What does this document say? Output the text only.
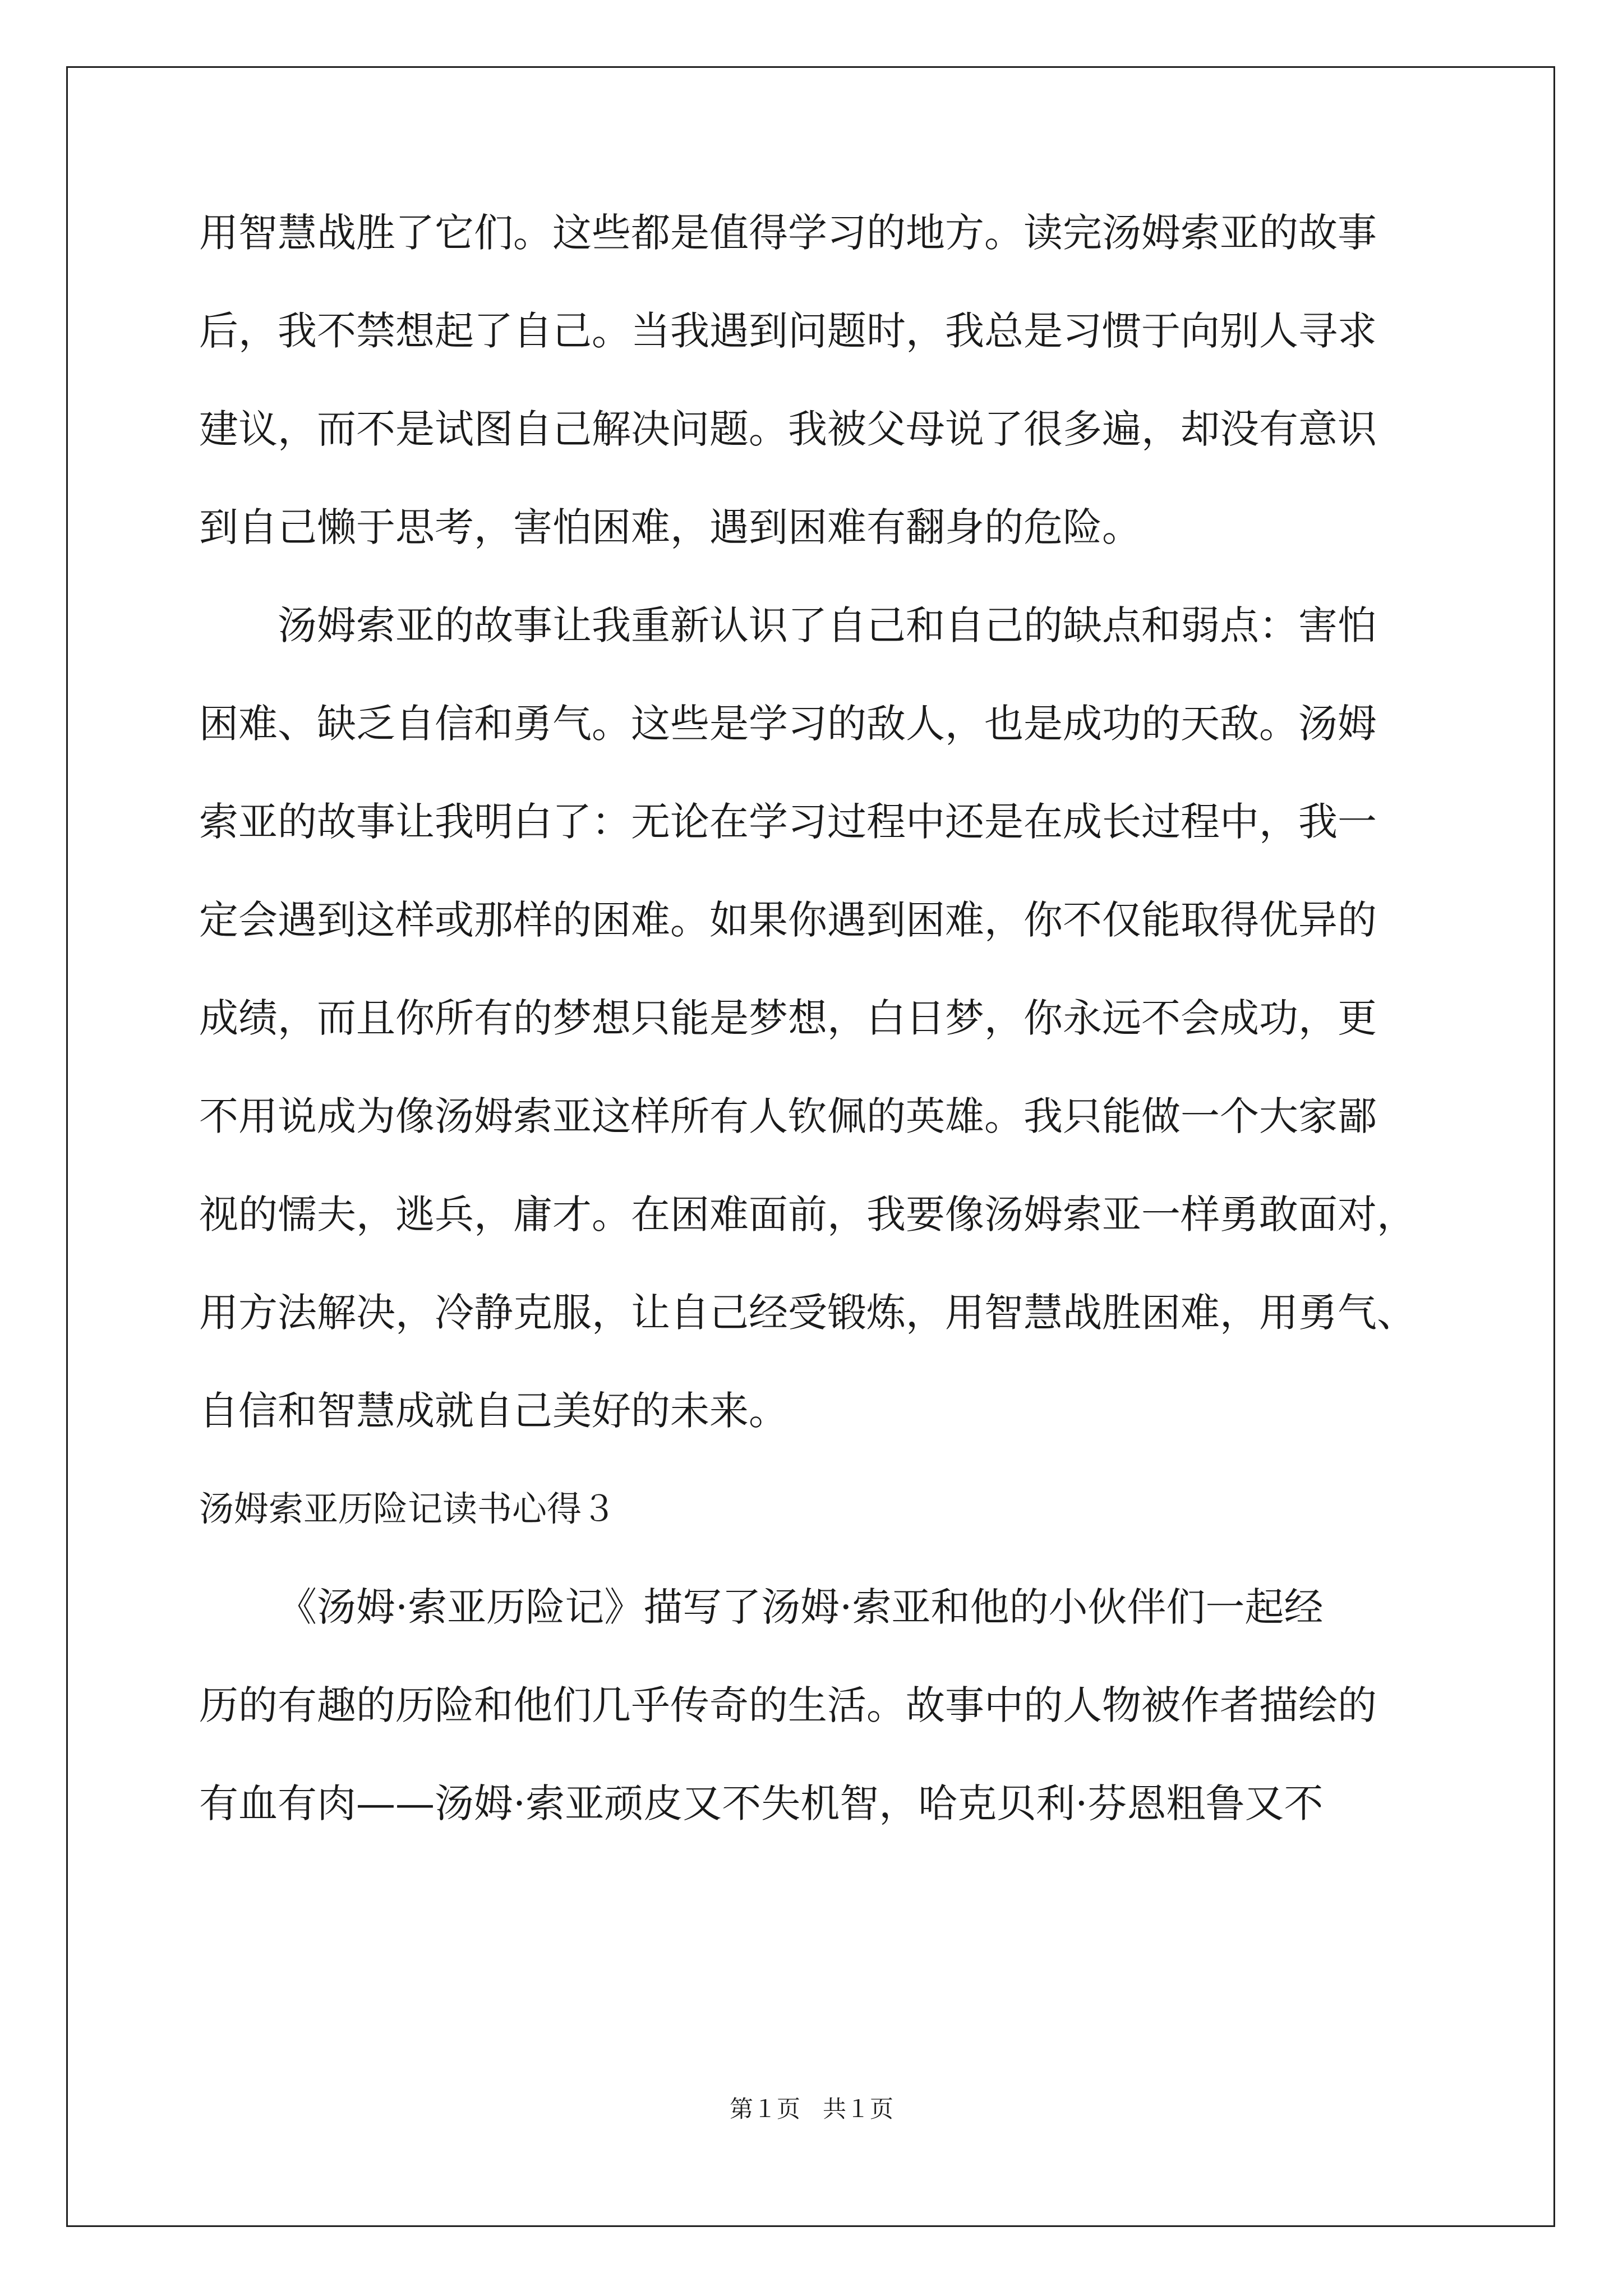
用智慧战胜了它们。这些都是值得学习的地方。读完汤姆索亚的故事
后，我不禁想起了自己。当我遇到问题时，我总是习惯于向别人寻求
建议，而不是试图自己解决问题。我被父母说了很多遍，却没有意识
到自己懒于思考，害怕困难，遇到困难有翻身的危险。
汤姆索亚的故事让我重新认识了自己和自己的缺点和弱点：害怕
困难、缺乏自信和勇气。这些是学习的敌人，也是成功的天敌。汤姆
索亚的故事让我明白了：无论在学习过程中还是在成长过程中，我一
定会遇到这样或那样的困难。如果你遇到困难，你不仅能取得优异的
成绩，而且你所有的梦想只能是梦想，白日梦，你永远不会成功，更
不用说成为像汤姆索亚这样所有人钦佩的英雄。我只能做一个大家鄙
视的懦夫，逃兵，庸才。在困难面前，我要像汤姆索亚一样勇敢面对，
用方法解决，冷静克服，让自己经受锻炼，用智慧战胜困难，用勇气、
自信和智慧成就自己美好的未来。
汤姆索亚历险记读书心得３
《汤姆·索亚历险记》描写了汤姆·索亚和他的小伙伴们一起经
历的有趣的历险和他们几乎传奇的生活。故事中的人物被作者描绘的
有血有肉——汤姆·索亚顽皮又不失机智，哈克贝利·芬恩粗鲁又不
第１页 共１页
